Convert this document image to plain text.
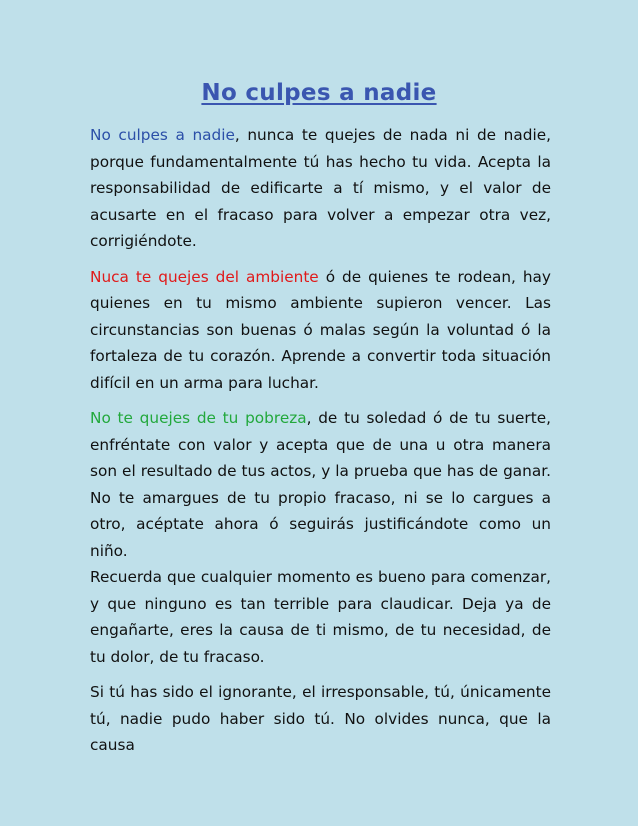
No culpes a nadie

No culpes a nadie, nunca te quejes de nada ni de nadie, porque fundamentalmente tú has hecho tu vida. Acepta la responsabilidad de edificarte a tí mismo, y el valor de acusarte en el fracaso para volver a empezar otra vez, corrigiéndote.

Nuca te quejes del ambiente ó de quienes te rodean, hay quienes en tu mismo ambiente supieron vencer. Las circunstancias son buenas ó malas según la voluntad ó la fortaleza de tu corazón. Aprende a convertir toda situación difícil en un arma para luchar.

No te quejes de tu pobreza, de tu soledad ó de tu suerte, enfréntate con valor y acepta que de una u otra manera son el resultado de tus actos, y la prueba que has de ganar. No te amargues de tu propio fracaso, ni se lo cargues a otro, acéptate ahora ó seguirás justificándote como un niño.

Recuerda que cualquier momento es bueno para comenzar, y que ninguno es tan terrible para claudicar. Deja ya de engañarte, eres la causa de ti mismo, de tu necesidad, de tu dolor, de tu fracaso.

Si tú has sido el ignorante, el irresponsable, tú, únicamente tú, nadie pudo haber sido tú. No olvides nunca, que la causa
